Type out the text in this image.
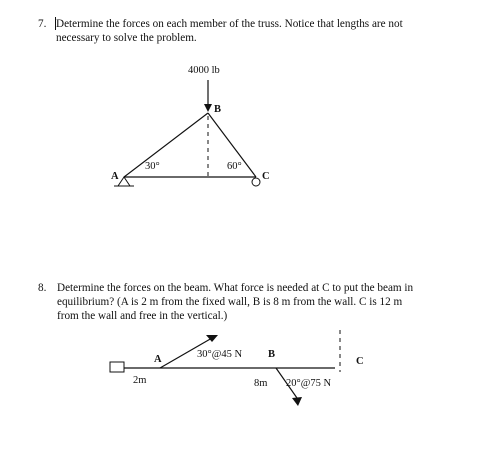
7. Determine the forces on each member of the truss. Notice that lengths are not
necessary to solve the problem.
4000 lb
B
A	C
30°	60°
8. Determine the forces on the beam. What force is needed at C to put the beam in
equilibrium? (A is 2 m from the fixed wall, B is 8 m from the wall. C is 12 m
from the wall and free in the vertical.)
A	30°@45 N B
C
2m	8m 20°@75 N
